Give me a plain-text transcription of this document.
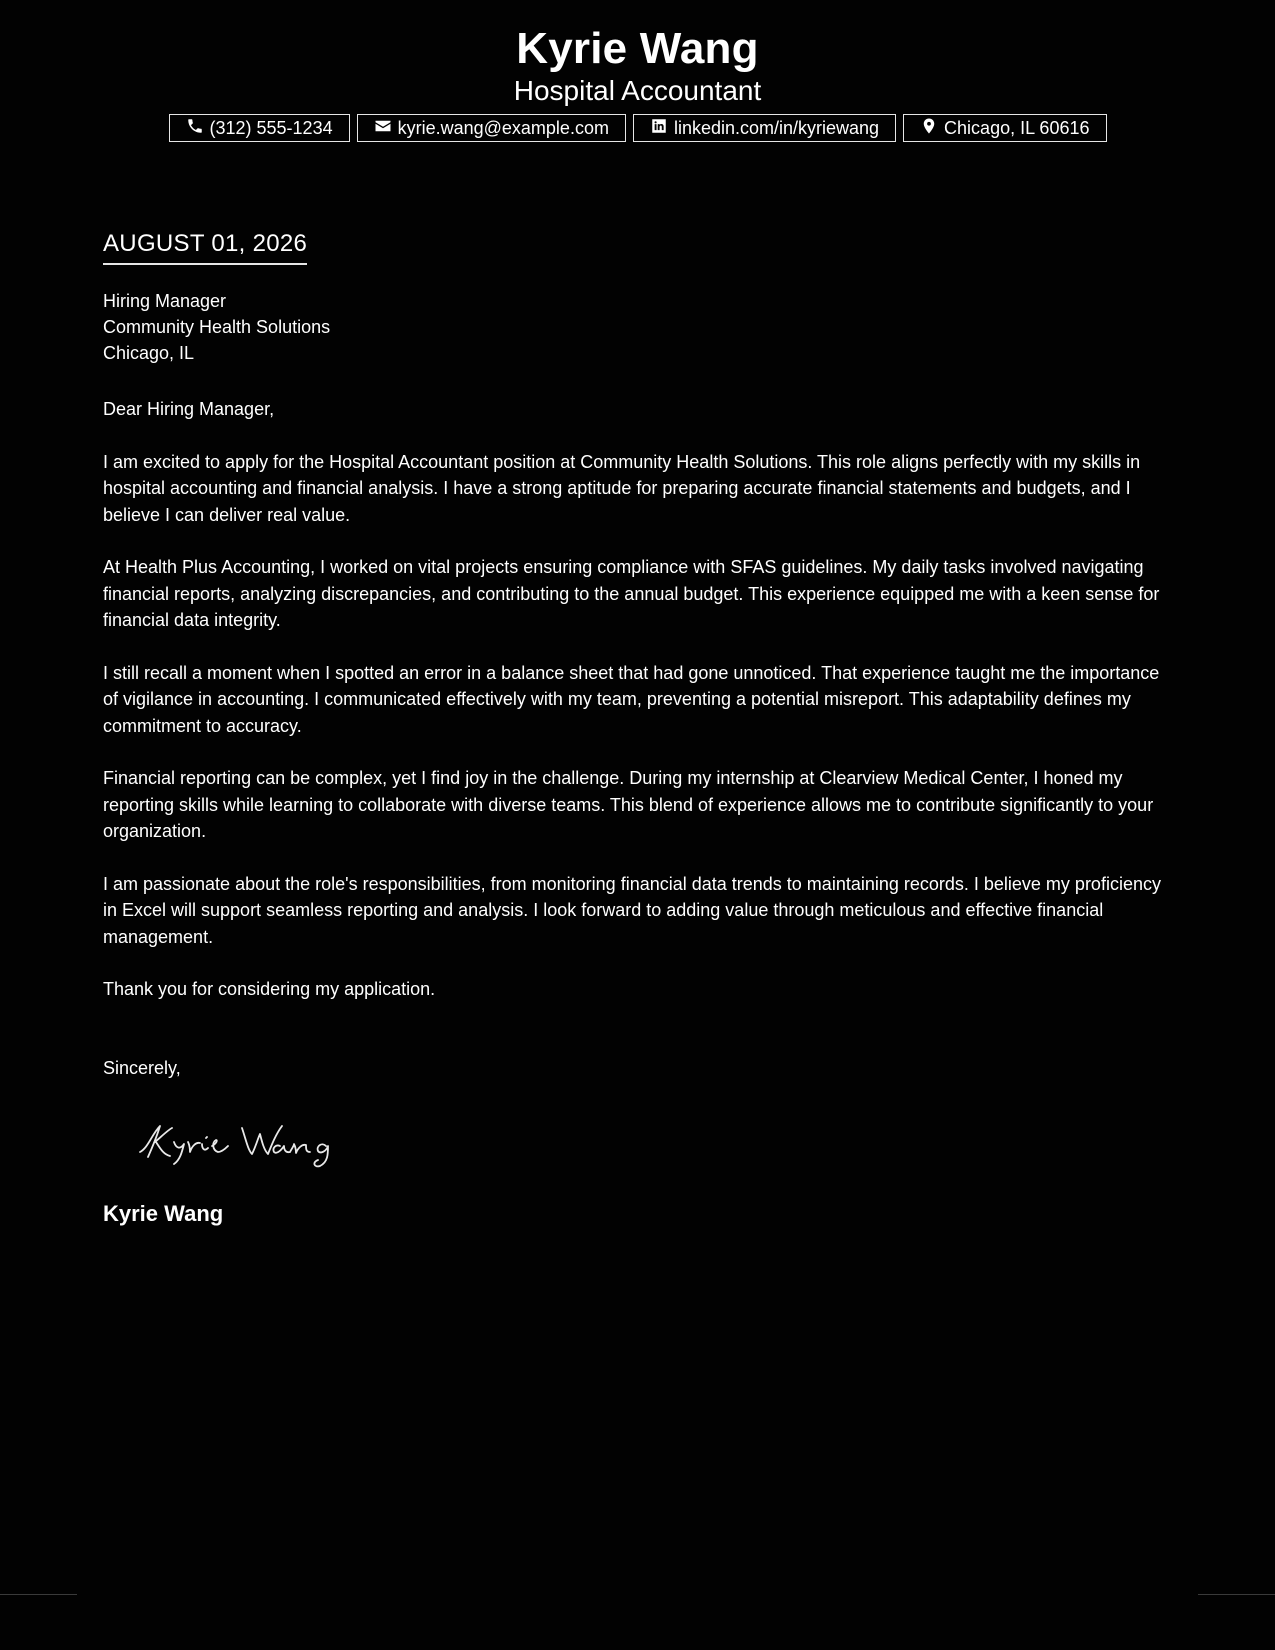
Kyrie Wang
Hospital Accountant
(312) 555-1234	kyrie.wang@example.com	linkedin.com/in/kyriewang	Chicago, IL 60616
AUGUST 01, 2026
Hiring Manager
Community Health Solutions
Chicago, IL

Dear Hiring Manager,

I am excited to apply for the Hospital Accountant position at Community Health Solutions. This role aligns perfectly with my skills in hospital accounting and financial analysis. I have a strong aptitude for preparing accurate financial statements and budgets, and I believe I can deliver real value.

At Health Plus Accounting, I worked on vital projects ensuring compliance with SFAS guidelines. My daily tasks involved navigating financial reports, analyzing discrepancies, and contributing to the annual budget. This experience equipped me with a keen sense for financial data integrity.

I still recall a moment when I spotted an error in a balance sheet that had gone unnoticed. That experience taught me the importance of vigilance in accounting. I communicated effectively with my team, preventing a potential misreport. This adaptability defines my commitment to accuracy.

Financial reporting can be complex, yet I find joy in the challenge. During my internship at Clearview Medical Center, I honed my reporting skills while learning to collaborate with diverse teams. This blend of experience allows me to contribute significantly to your organization.

I am passionate about the role's responsibilities, from monitoring financial data trends to maintaining records. I believe my proficiency in Excel will support seamless reporting and analysis. I look forward to adding value through meticulous and effective financial management.

Thank you for considering my application.

Sincerely,
Kyrie Wang
